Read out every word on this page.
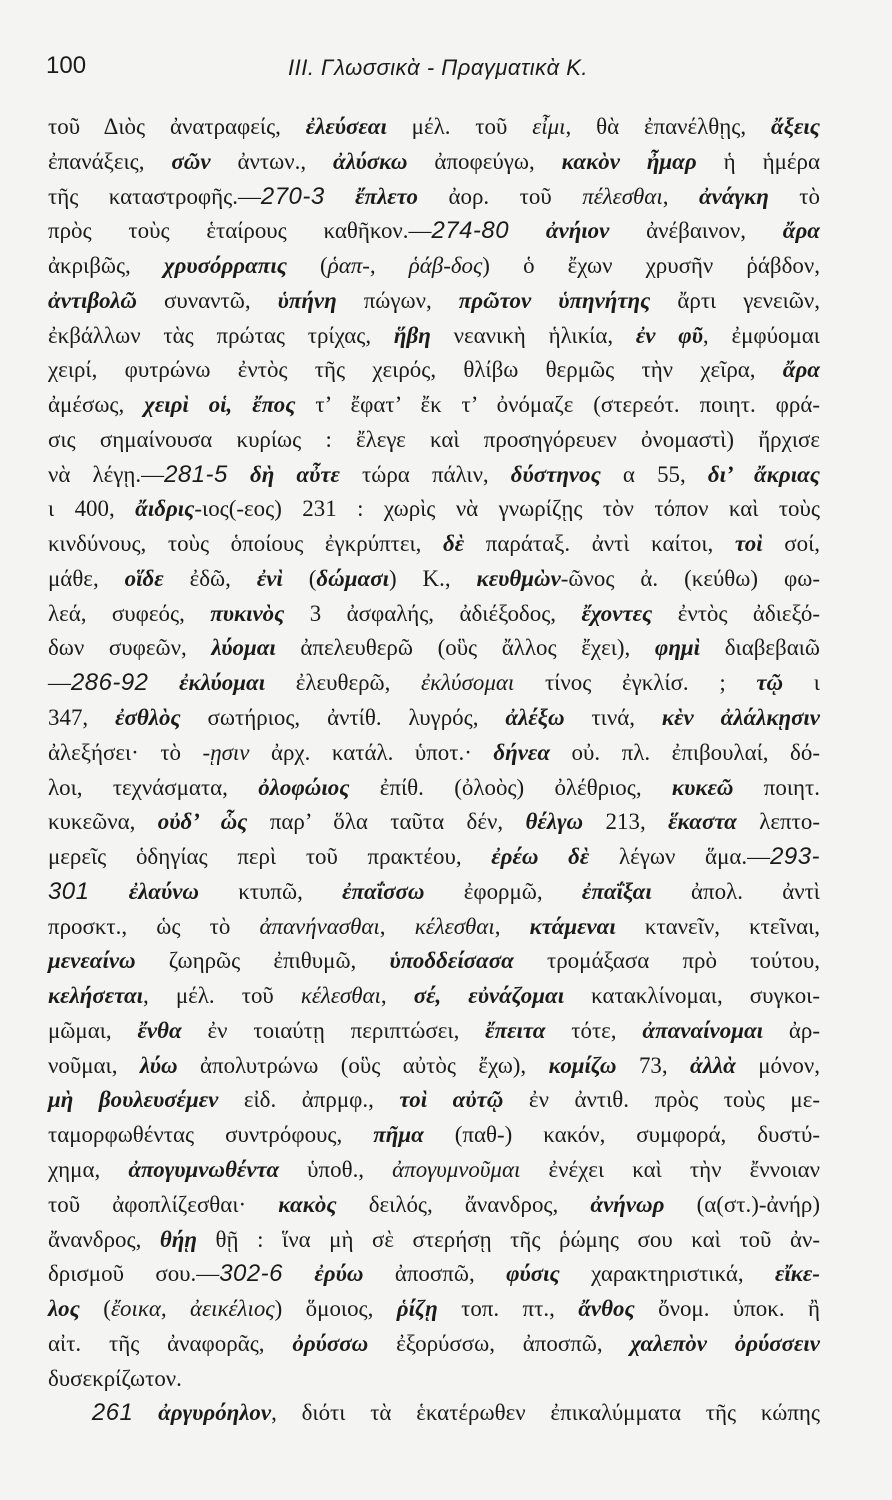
100	III. Γλωσσικὰ - Πραγματικὰ Κ.
τοῦ Διὸς ἀνατραφείς, ἐλεύσεαι μέλ. τοῦ εἶμι, θὰ ἐπανέλθῃς, ἄξεις
ἐπανάξεις, σῶν ἀντων., ἀλύσκω ἀποφεύγω, κακὸν ἦμαρ ἡ ἡμέρα
τῆς καταστροφῆς.—270-3 ἔπλετο ἀορ. τοῦ πέλεσθαι, ἀνάγκη τὸ
πρὸς τοὺς ἑταίρους καθῆκον.—274-80 ἀνήιον ἀνέβαινον, ἄρα
ἀκριβῶς, χρυσόρραπις (ῥαπ-, ῥάβ-δος) ὁ ἔχων χρυσῆν ῥάβδον,
ἀντιβολῶ συναντῶ, ὑπήνη πώγων, πρῶτον ὑπηνήτης ἄρτι γενειῶν,
ἐκβάλλων τὰς πρώτας τρίχας, ἥβη νεανικὴ ἡλικία, ἐν φῦ, ἐμφύομαι
χειρί, φυτρώνω ἐντὸς τῆς χειρός, θλίβω θερμῶς τὴν χεῖρα, ἄρα
ἀμέσως, χειρὶ οἱ, ἔπος τ’ ἔφατ’ ἔκ τ’ ὀνόμαζε (στερεότ. ποιητ. φρά-
σις σημαίνουσα κυρίως : ἔλεγε καὶ προσηγόρευεν ὀνομαστὶ) ἤρχισε
νὰ λέγῃ.—281-5 δὴ αὖτε τώρα πάλιν, δύστηνος α 55, δι’ ἄκριας
ι 400, ἄιδρις-ιος(-εος) 231 : χωρὶς νὰ γνωρίζῃς τὸν τόπον καὶ τοὺς
κινδύνους, τοὺς ὁποίους ἐγκρύπτει, δὲ παράταξ. ἀντὶ καίτοι, τοὶ σοί,
μάθε, οἵδε ἐδῶ, ἐνὶ (δώμασι) Κ., κευθμὼν-ῶνος ἀ. (κεύθω) φω-
λεά, συφεός, πυκινὸς 3 ἀσφαλής, ἀδιέξοδος, ἔχοντες ἐντὸς ἀδιεξό-
δων συφεῶν, λύομαι ἀπελευθερῶ (οὓς ἄλλος ἔχει), φημὶ διαβεβαιῶ
—286-92 ἐκλύομαι ἐλευθερῶ, ἐκλύσομαι τίνος ἐγκλίσ. ; τῷ ι
347, ἐσθλὸς σωτήριος, ἀντίθ. λυγρός, ἀλέξω τινά, κὲν ἀλάλκῃσιν
ἀλεξήσει· τὸ -ῃσιν ἀρχ. κατάλ. ὑποτ.· δήνεα οὐ. πλ. ἐπιβουλαί, δό-
λοι, τεχνάσματα, ὀλοφώιος ἐπίθ. (ὀλοὸς) ὀλέθριος, κυκεῶ ποιητ.
κυκεῶνα, οὐδ’ ὧς παρ’ ὅλα ταῦτα δέν, θέλγω 213, ἕκαστα λεπτο-
μερεῖς ὁδηγίας περὶ τοῦ πρακτέου, ἐρέω δὲ λέγων ἅμα.—293-
301 ἐλαύνω κτυπῶ, ἐπαΐσσω ἐφορμῶ, ἐπαΐξαι ἀπολ. ἀντὶ
προσκτ., ὡς τὸ ἀπανήνασθαι, κέλεσθαι, κτάμεναι κτανεῖν, κτεῖναι,
μενεαίνω ζωηρῶς ἐπιθυμῶ, ὑποδδείσασα τρομάξασα πρὸ τούτου,
κελήσεται, μέλ. τοῦ κέλεσθαι, σέ, εὐνάζομαι κατακλίνομαι, συγκοι-
μῶμαι, ἔνθα ἐν τοιαύτῃ περιπτώσει, ἔπειτα τότε, ἀπαναίνομαι ἀρ-
νοῦμαι, λύω ἀπολυτρώνω (οὓς αὐτὸς ἔχω), κομίζω 73, ἀλλὰ μόνον,
μὴ βουλευσέμεν εἰδ. ἀπρμφ., τοὶ αὐτῷ ἐν ἀντιθ. πρὸς τοὺς με-
ταμορφωθέντας συντρόφους, πῆμα (παθ-) κακόν, συμφορά, δυστύ-
χημα, ἀπογυμνωθέντα ὑποθ., ἀπογυμνοῦμαι ἐνέχει καὶ τὴν ἔννοιαν
τοῦ ἀφοπλίζεσθαι· κακὸς δειλός, ἄνανδρος, ἀνήνωρ (α(στ.)-ἀνήρ)
ἄνανδρος, θήῃ θῇ : ἵνα μὴ σὲ στερήσῃ τῆς ῥώμης σου καὶ τοῦ ἀν-
δρισμοῦ σου.—302-6 ἐρύω ἀποσπῶ, φύσις χαρακτηριστικά, εἴκε-
λος (ἔοικα, ἀεικέλιος) ὅμοιος, ῥίζῃ τοπ. πτ., ἄνθος ὄνομ. ὑποκ. ἢ
αἰτ. τῆς ἀναφορᾶς, ὀρύσσω ἐξορύσσω, ἀποσπῶ, χαλεπὸν ὀρύσσειν
δυσεκρίζωτον.
261 ἀργυρόηλον, διότι τὰ ἑκατέρωθεν ἐπικαλύμματα τῆς κώπης
